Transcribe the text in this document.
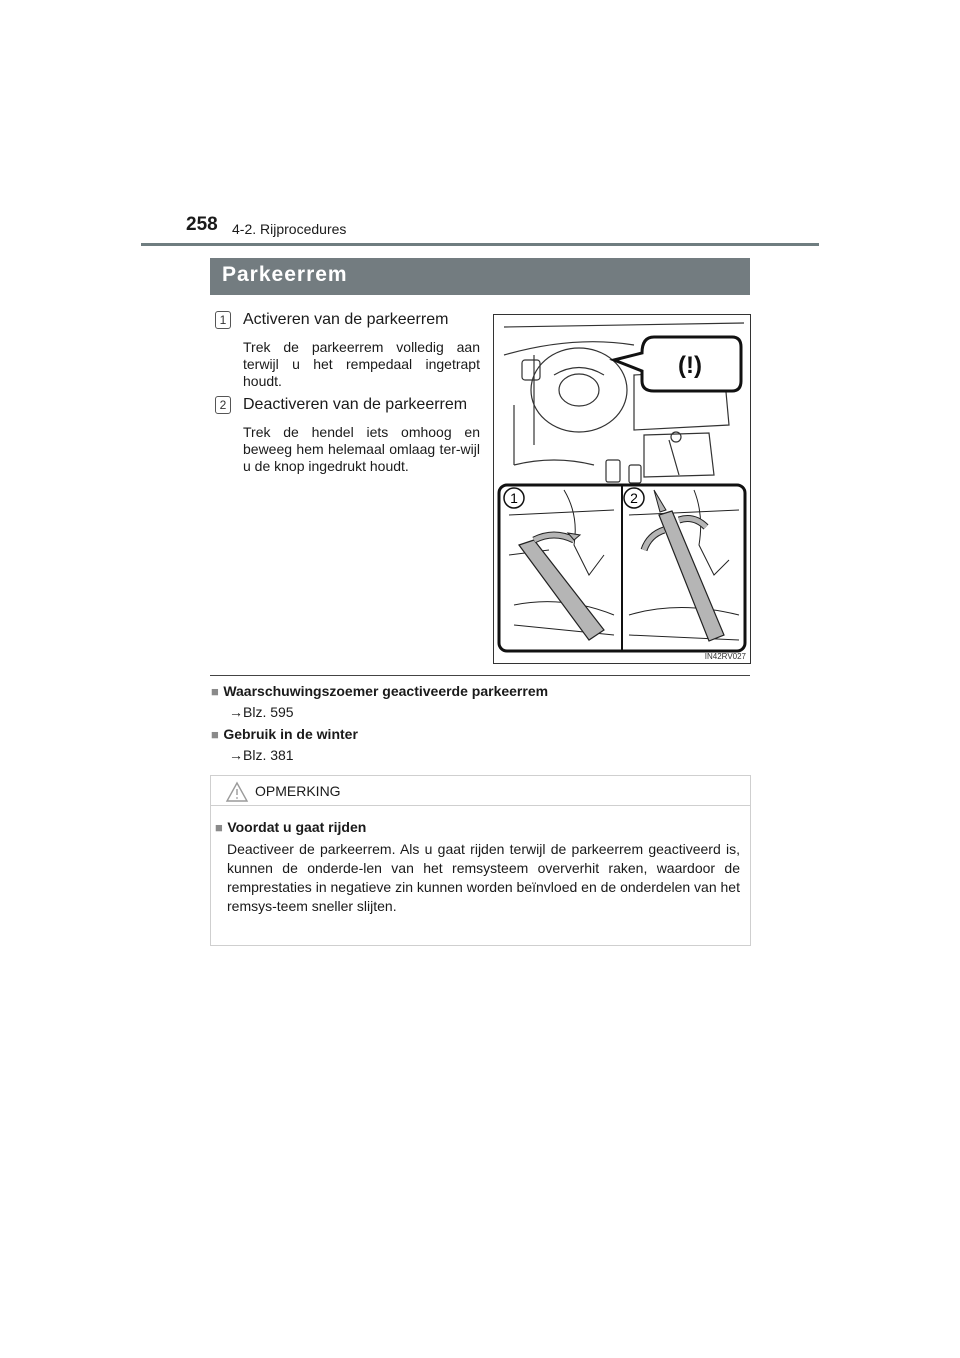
258 4-2. Rijprocedures
Parkeerrem
1 Activeren van de parkeerrem
Trek de parkeerrem volledig aan terwijl u het rempedaal ingetrapt houdt.
2 Deactiveren van de parkeerrem
Trek de hendel iets omhoog en beweeg hem helemaal omlaag ter-wijl u de knop ingedrukt houdt.
(!)
1	2
IN42RV027
■ Waarschuwingszoemer geactiveerde parkeerrem
→Blz. 595
■ Gebruik in de winter
→Blz. 381
OPMERKING
■ Voordat u gaat rijden
Deactiveer de parkeerrem. Als u gaat rijden terwijl de parkeerrem geactiveerd is, kunnen de onderde-len van het remsysteem oververhit raken, waardoor de remprestaties in negatieve zin kunnen worden beïnvloed en de onderdelen van het remsys-teem sneller slijten.
